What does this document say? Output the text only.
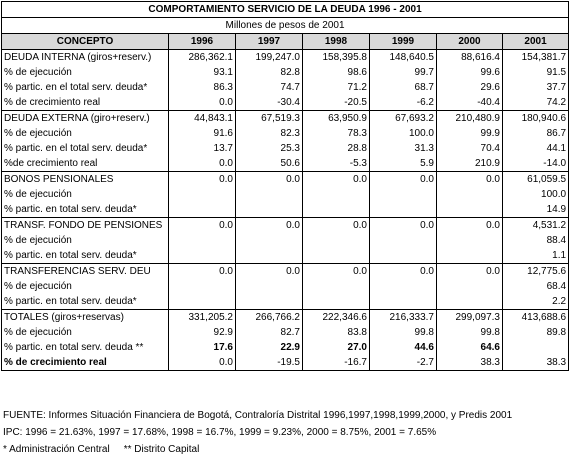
COMPORTAMIENTO SERVICIO DE LA DEUDA 1996 - 2001						
Millones de pesos de 2001						
CONCEPTO	1996	1997	1998	1999	2000	2001
DEUDA INTERNA (giros+reserv.)	286,362.1	199,247.0	158,395.8	148,640.5	88,616.4	154,381.7
% de ejecución	93.1	82.8	98.6	99.7	99.6	91.5
% partic. en el total serv. deuda*	86.3	74.7	71.2	68.7	29.6	37.7
% de crecimiento real	0.0	-30.4	-20.5	-6.2	-40.4	74.2
DEUDA EXTERNA (giro+reserv.)	44,843.1	67,519.3	63,950.9	67,693.2	210,480.9	180,940.6
% de ejecución	91.6	82.3	78.3	100.0	99.9	86.7
% partic. en el total serv. deuda*	13.7	25.3	28.8	31.3	70.4	44.1
%de crecimiento real	0.0	50.6	-5.3	5.9	210.9	-14.0
BONOS PENSIONALES	0.0	0.0	0.0	0.0	0.0	61,059.5
% de ejecución						100.0
% partic. en total serv. deuda*						14.9
TRANSF. FONDO DE PENSIONES	0.0	0.0	0.0	0.0	0.0	4,531.2
% de ejecución						88.4
% partic. en total serv. deuda*						1.1
TRANSFERENCIAS SERV. DEU	0.0	0.0	0.0	0.0	0.0	12,775.6
% de ejecución						68.4
% partic. en total serv. deuda*						2.2
TOTALES (giros+reservas)	331,205.2	266,766.2	222,346.6	216,333.7	299,097.3	413,688.6
% de ejecución	92.9	82.7	83.8	99.8	99.8	89.8
% partic. en total serv. deuda **	17.6	22.9	27.0	44.6	64.6	
% de crecimiento real	0.0	-19.5	-16.7	-2.7	38.3	38.3
FUENTE: Informes Situación Financiera de Bogotá, Contraloría Distrital 1996,1997,1998,1999,2000, y Predis 2001
IPC: 1996 = 21.63%, 1997 = 17.68%, 1998 = 16.7%, 1999 = 9.23%, 2000 = 8.75%, 2001 = 7.65%
* Administración Central ** Distrito Capital
